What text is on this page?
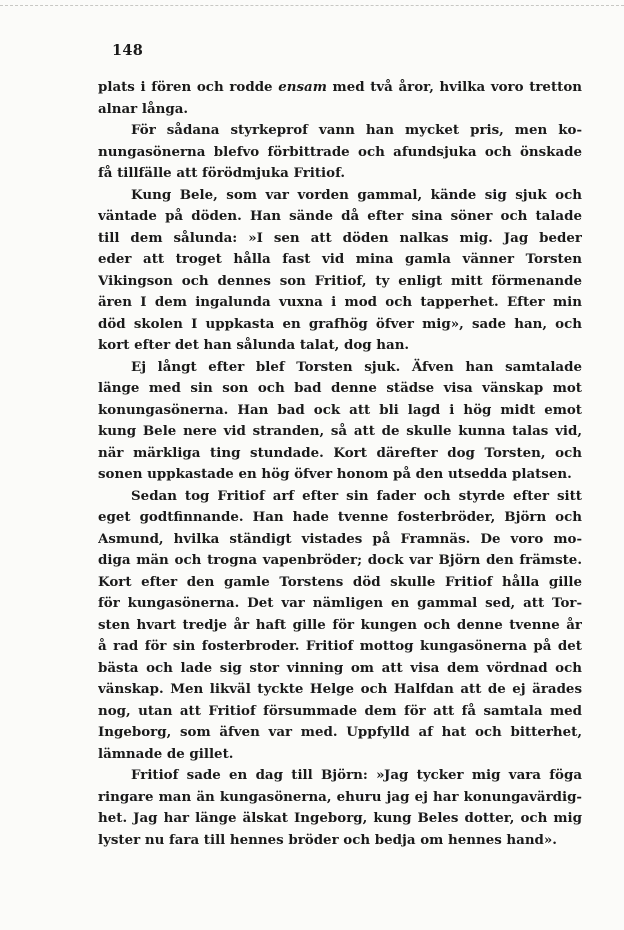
148
plats i fören och rodde ensam med två åror, hvilka voro tretton
alnar långa.
För sådana styrkeprof vann han mycket pris, men ko-
nungasönerna blefvo förbittrade och afundsjuka och önskade
få tillfälle att förödmjuka Fritiof.
Kung Bele, som var vorden gammal, kände sig sjuk och
väntade på döden. Han sände då efter sina söner och talade
till dem sålunda: »I sen att döden nalkas mig. Jag beder
eder att troget hålla fast vid mina gamla vänner Torsten
Vikingson och dennes son Fritiof, ty enligt mitt förmenande
ären I dem ingalunda vuxna i mod och tapperhet. Efter min
död skolen I uppkasta en grafhög öfver mig», sade han, och
kort efter det han sålunda talat, dog han.
Ej långt efter blef Torsten sjuk. Äfven han samtalade
länge med sin son och bad denne städse visa vänskap mot
konungasönerna. Han bad ock att bli lagd i hög midt emot
kung Bele nere vid stranden, så att de skulle kunna talas vid,
när märkliga ting stundade. Kort därefter dog Torsten, och
sonen uppkastade en hög öfver honom på den utsedda platsen.
Sedan tog Fritiof arf efter sin fader och styrde efter sitt
eget godtfinnande. Han hade tvenne fosterbröder, Björn och
Asmund, hvilka ständigt vistades på Framnäs. De voro mo-
diga män och trogna vapenbröder; dock var Björn den främste.
Kort efter den gamle Torstens död skulle Fritiof hålla gille
för kungasönerna. Det var nämligen en gammal sed, att Tor-
sten hvart tredje år haft gille för kungen och denne tvenne år
å rad för sin fosterbroder. Fritiof mottog kungasönerna på det
bästa och lade sig stor vinning om att visa dem vördnad och
vänskap. Men likväl tyckte Helge och Halfdan att de ej ärades
nog, utan att Fritiof försummade dem för att få samtala med
Ingeborg, som äfven var med. Uppfylld af hat och bitterhet,
lämnade de gillet.
Fritiof sade en dag till Björn: »Jag tycker mig vara föga
ringare man än kungasönerna, ehuru jag ej har konungavärdig-
het. Jag har länge älskat Ingeborg, kung Beles dotter, och mig
lyster nu fara till hennes bröder och bedja om hennes hand».
